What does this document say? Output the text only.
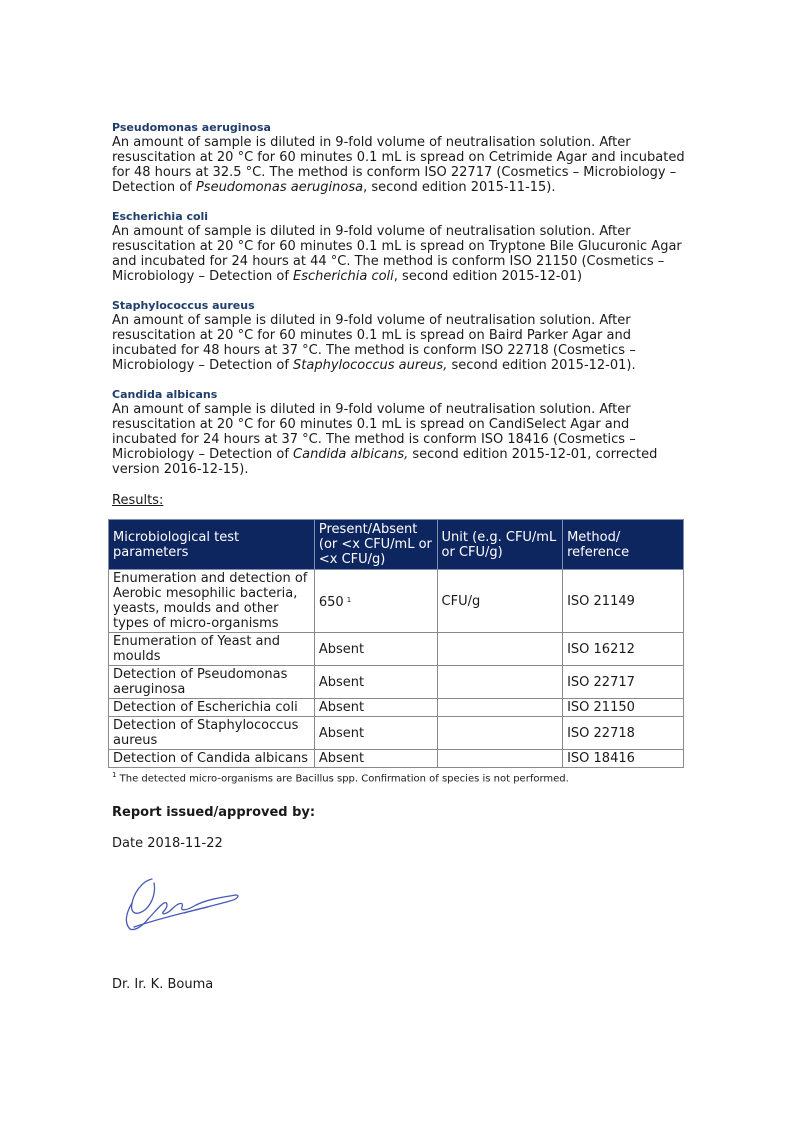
Pseudomonas aeruginosa
An amount of sample is diluted in 9-fold volume of neutralisation solution. After resuscitation at 20 °C for 60 minutes 0.1 mL is spread on Cetrimide Agar and incubated for 48 hours at 32.5 °C. The method is conform ISO 22717 (Cosmetics – Microbiology – Detection of Pseudomonas aeruginosa, second edition 2015-11-15).
Escherichia coli
An amount of sample is diluted in 9-fold volume of neutralisation solution. After resuscitation at 20 °C for 60 minutes 0.1 mL is spread on Tryptone Bile Glucuronic Agar and incubated for 24 hours at 44 °C. The method is conform ISO 21150 (Cosmetics – Microbiology – Detection of Escherichia coli, second edition 2015-12-01)
Staphylococcus aureus
An amount of sample is diluted in 9-fold volume of neutralisation solution. After resuscitation at 20 °C for 60 minutes 0.1 mL is spread on Baird Parker Agar and incubated for 48 hours at 37 °C. The method is conform ISO 22718 (Cosmetics – Microbiology – Detection of Staphylococcus aureus, second edition 2015-12-01).
Candida albicans
An amount of sample is diluted in 9-fold volume of neutralisation solution. After resuscitation at 20 °C for 60 minutes 0.1 mL is spread on CandiSelect Agar and incubated for 24 hours at 37 °C. The method is conform ISO 18416 (Cosmetics – Microbiology – Detection of Candida albicans, second edition 2015-12-01, corrected version 2016-12-15).
Results:
Microbiological test parameters	Present/Absent (or <x CFU/mL or <x CFU/g)	Unit (e.g. CFU/mL or CFU/g)	Method/ reference
Enumeration and detection of Aerobic mesophilic bacteria, yeasts, moulds and other types of micro-organisms	650 $^1$	CFU/g	ISO 21149
Enumeration of Yeast and moulds	Absent		ISO 16212
Detection of Pseudomonas aeruginosa	Absent		ISO 22717
Detection of Escherichia coli	Absent		ISO 21150
Detection of Staphylococcus aureus	Absent		ISO 22718
Detection of Candida albicans	Absent		ISO 18416
$^1$ The detected micro-organisms are Bacillus spp. Confirmation of species is not performed.
Report issued/approved by:
Date 2018-11-22
Dr. Ir. K. Bouma
